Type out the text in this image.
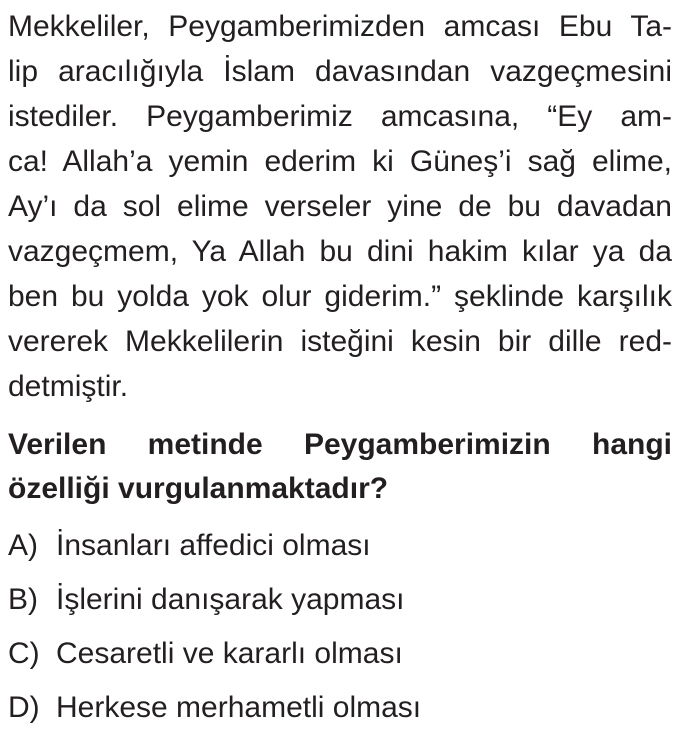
Mekkeliler, Peygamberimizden amcası Ebu Ta-
lip aracılığıyla İslam davasından vazgeçmesini
istediler. Peygamberimiz amcasına, “Ey am-
ca! Allah’a yemin ederim ki Güneş’i sağ elime,
Ay’ı da sol elime verseler yine de bu davadan
vazgeçmem, Ya Allah bu dini hakim kılar ya da
ben bu yolda yok olur giderim.” şeklinde karşılık
vererek Mekkelilerin isteğini kesin bir dille red-
detmiştir.
Verilen metinde Peygamberimizin hangi
özelliği vurgulanmaktadır?
A) İnsanları affedici olması
B) İşlerini danışarak yapması
C) Cesaretli ve kararlı olması
D) Herkese merhametli olması
